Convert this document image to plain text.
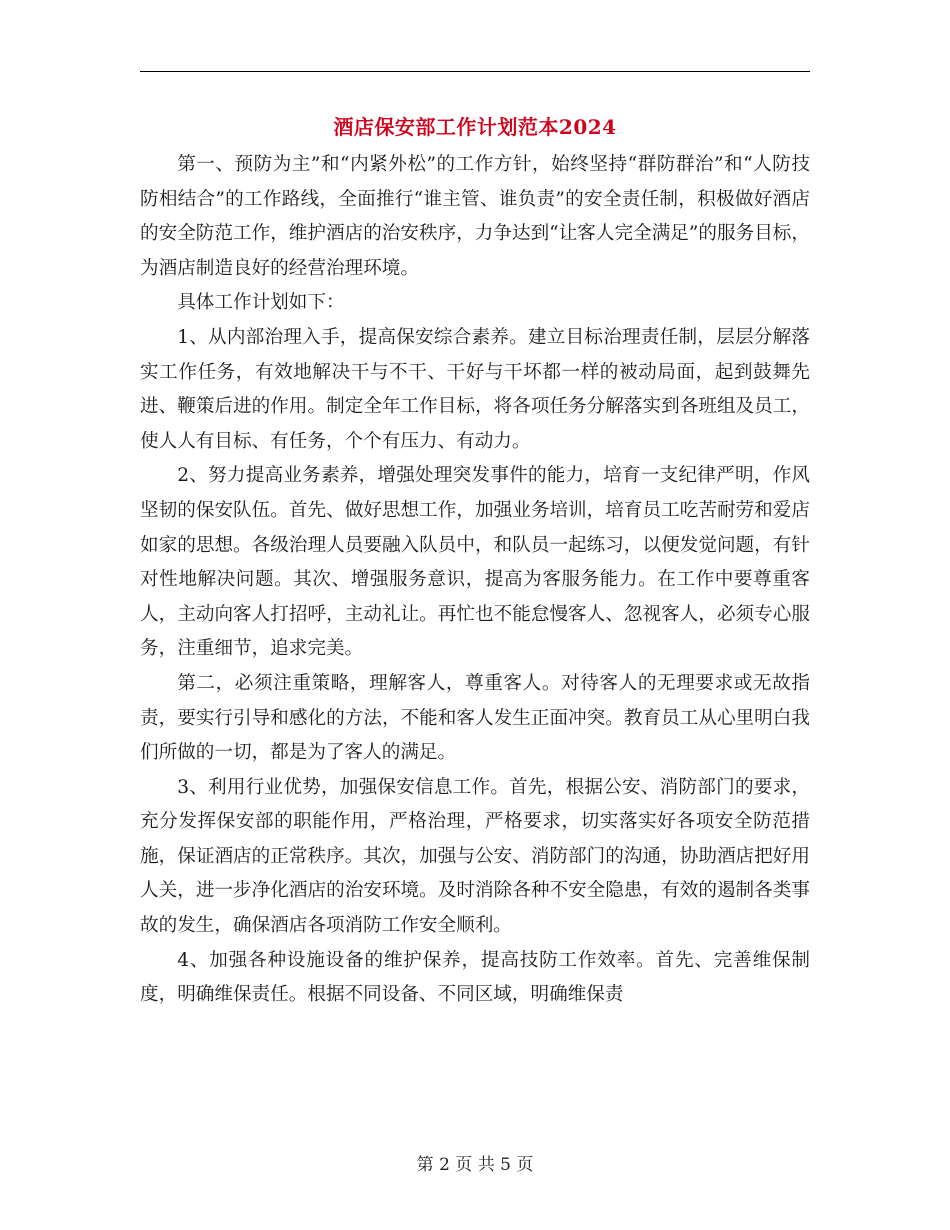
酒店保安部工作计划范本2024

第一、预防为主”和“内紧外松”的工作方针，始终坚持“群防群治”和“人防技防相结合”的工作路线，全面推行“谁主管、谁负责”的安全责任制，积极做好酒店的安全防范工作，维护酒店的治安秩序，力争达到“让客人完全满足”的服务目标，为酒店制造良好的经营治理环境。

具体工作计划如下：

1、从内部治理入手，提高保安综合素养。建立目标治理责任制，层层分解落实工作任务，有效地解决干与不干、干好与干坏都一样的被动局面，起到鼓舞先进、鞭策后进的作用。制定全年工作目标，将各项任务分解落实到各班组及员工，使人人有目标、有任务，个个有压力、有动力。

2、努力提高业务素养，增强处理突发事件的能力，培育一支纪律严明，作风坚韧的保安队伍。首先、做好思想工作，加强业务培训，培育员工吃苦耐劳和爱店如家的思想。各级治理人员要融入队员中，和队员一起练习，以便发觉问题，有针对性地解决问题。其次、增强服务意识，提高为客服务能力。在工作中要尊重客人，主动向客人打招呼，主动礼让。再忙也不能怠慢客人、忽视客人，必须专心服务，注重细节，追求完美。

第二，必须注重策略，理解客人，尊重客人。对待客人的无理要求或无故指责，要实行引导和感化的方法，不能和客人发生正面冲突。教育员工从心里明白我们所做的一切，都是为了客人的满足。

3、利用行业优势，加强保安信息工作。首先，根据公安、消防部门的要求，充分发挥保安部的职能作用，严格治理，严格要求，切实落实好各项安全防范措施，保证酒店的正常秩序。其次，加强与公安、消防部门的沟通，协助酒店把好用人关，进一步净化酒店的治安环境。及时消除各种不安全隐患，有效的遏制各类事故的发生，确保酒店各项消防工作安全顺利。

4、加强各种设施设备的维护保养，提高技防工作效率。首先、完善维保制度，明确维保责任。根据不同设备、不同区域，明确维保责

第 2 页 共 5 页
